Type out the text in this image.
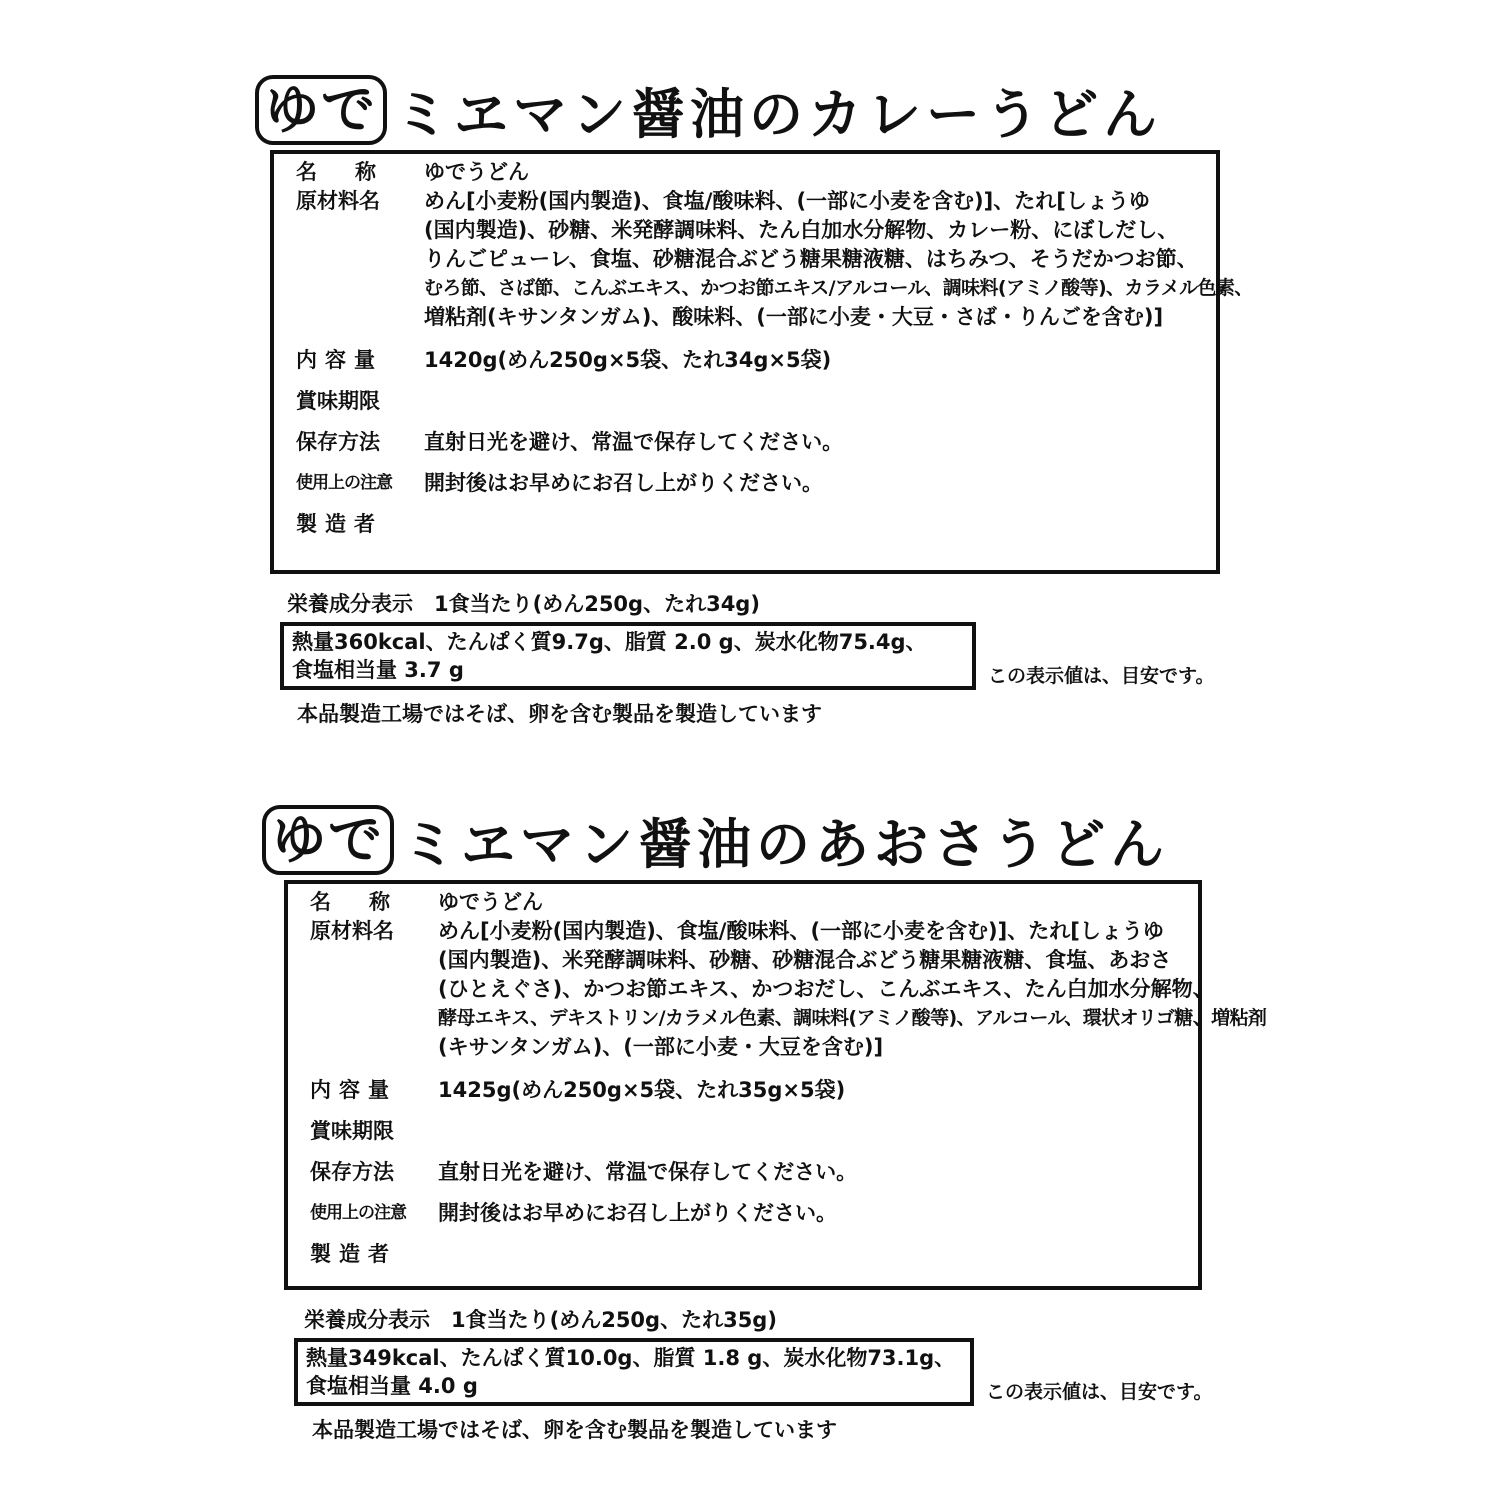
ゆで ミヱマン醤油のカレーうどん
名称 ゆでうどん
原材料名	めん[小麦粉(国内製造)、食塩/酸味料、(一部に小麦を含む)]、たれ[しょうゆ
(国内製造)、砂糖、米発酵調味料、たん白加水分解物、カレー粉、にぼしだし、
りんごピューレ、食塩、砂糖混合ぶどう糖果糖液糖、はちみつ、そうだかつお節、
むろ節、さば節、こんぶエキス、かつお節エキス/アルコール、調味料(アミノ酸等)、カラメル色素、
増粘剤(キサンタンガム)、酸味料、(一部に小麦・大豆・さば・りんごを含む)]
内容量	1420g(めん250g×5袋、たれ34g×5袋)
賞味期限
保存方法	直射日光を避け、常温で保存してください。
使用上の注意	開封後はお早めにお召し上がりください。
製造者
栄養成分表示　1食当たり(めん250g、たれ34g)
熱量360kcal、たんぱく質9.7g、脂質 2.0 g、炭水化物75.4g、
食塩相当量 3.7 g	この表示値は、目安です。
本品製造工場ではそば、卵を含む製品を製造しています
ゆで ミヱマン醤油のあおさうどん
名称 ゆでうどん
原材料名	めん[小麦粉(国内製造)、食塩/酸味料、(一部に小麦を含む)]、たれ[しょうゆ
(国内製造)、米発酵調味料、砂糖、砂糖混合ぶどう糖果糖液糖、食塩、あおさ
(ひとえぐさ)、かつお節エキス、かつおだし、こんぶエキス、たん白加水分解物、
酵母エキス、デキストリン/カラメル色素、調味料(アミノ酸等)、アルコール、環状オリゴ糖、増粘剤
(キサンタンガム)、(一部に小麦・大豆を含む)]
内容量	1425g(めん250g×5袋、たれ35g×5袋)
賞味期限
保存方法	直射日光を避け、常温で保存してください。
使用上の注意	開封後はお早めにお召し上がりください。
製造者
栄養成分表示　1食当たり(めん250g、たれ35g)
熱量349kcal、たんぱく質10.0g、脂質 1.8 g、炭水化物73.1g、
食塩相当量 4.0 g	この表示値は、目安です。
本品製造工場ではそば、卵を含む製品を製造しています
